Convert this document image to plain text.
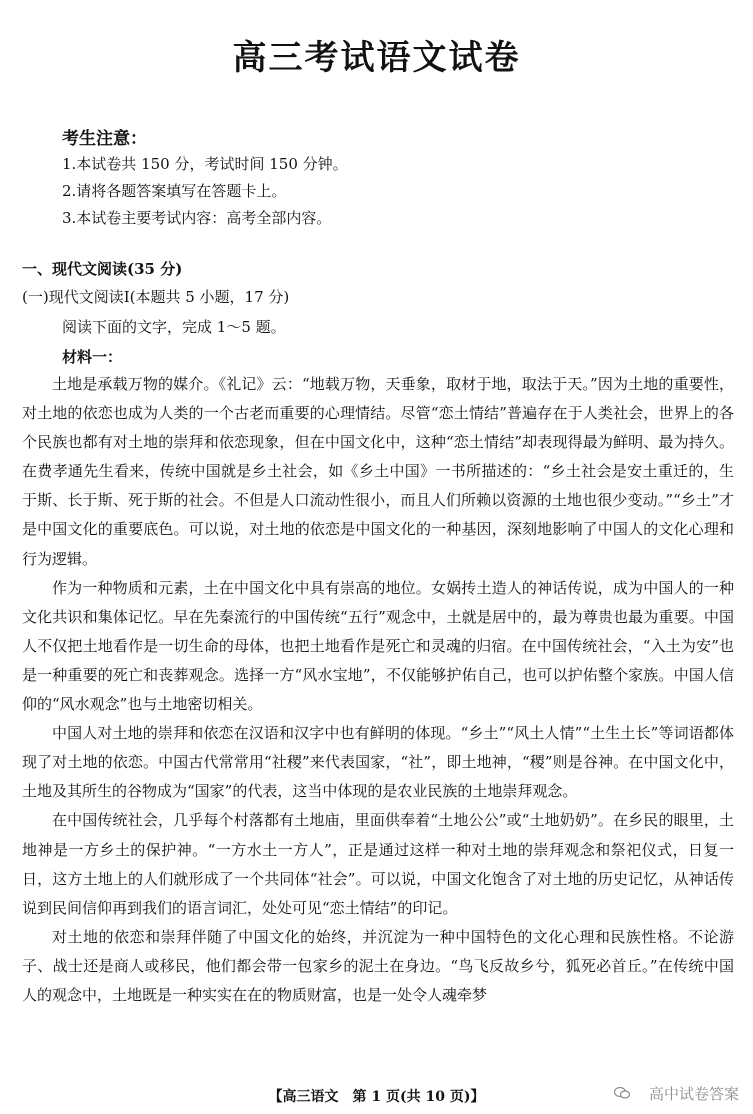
高三考试语文试卷
考生注意：
1.本试卷共 150 分，考试时间 150 分钟。
2.请将各题答案填写在答题卡上。
3.本试卷主要考试内容：高考全部内容。
一、现代文阅读(35 分)
(一)现代文阅读Ⅰ(本题共 5 小题，17 分)
阅读下面的文字，完成 1～5 题。
材料一：

土地是承载万物的媒介。《礼记》云：“地载万物，天垂象，取材于地，取法于天。”因为土地的重要性，对土地的依恋也成为人类的一个古老而重要的心理情结。尽管“恋土情结”普遍存在于人类社会，世界上的各个民族也都有对土地的崇拜和依恋现象，但在中国文化中，这种“恋土情结”却表现得最为鲜明、最为持久。在费孝通先生看来，传统中国就是乡土社会，如《乡土中国》一书所描述的：“乡土社会是安土重迁的，生于斯、长于斯、死于斯的社会。不但是人口流动性很小，而且人们所赖以资源的土地也很少变动。”“乡土”才是中国文化的重要底色。可以说，对土地的依恋是中国文化的一种基因，深刻地影响了中国人的文化心理和行为逻辑。

作为一种物质和元素，土在中国文化中具有崇高的地位。女娲抟土造人的神话传说，成为中国人的一种文化共识和集体记忆。早在先秦流行的中国传统“五行”观念中，土就是居中的，最为尊贵也最为重要。中国人不仅把土地看作是一切生命的母体，也把土地看作是死亡和灵魂的归宿。在中国传统社会，“入土为安”也是一种重要的死亡和丧葬观念。选择一方“风水宝地”，不仅能够护佑自己，也可以护佑整个家族。中国人信仰的“风水观念”也与土地密切相关。

中国人对土地的崇拜和依恋在汉语和汉字中也有鲜明的体现。“乡土”“风土人情”“土生土长”等词语都体现了对土地的依恋。中国古代常常用“社稷”来代表国家，“社”，即土地神，“稷”则是谷神。在中国文化中，土地及其所生的谷物成为“国家”的代表，这当中体现的是农业民族的土地崇拜观念。

在中国传统社会，几乎每个村落都有土地庙，里面供奉着“土地公公”或“土地奶奶”。在乡民的眼里，土地神是一方乡土的保护神。“一方水土一方人”，正是通过这样一种对土地的崇拜观念和祭祀仪式，日复一日，这方土地上的人们就形成了一个共同体“社会”。可以说，中国文化饱含了对土地的历史记忆，从神话传说到民间信仰再到我们的语言词汇，处处可见“恋土情结”的印记。

对土地的依恋和崇拜伴随了中国文化的始终，并沉淀为一种中国特色的文化心理和民族性格。不论游子、战士还是商人或移民，他们都会带一包家乡的泥土在身边。“鸟飞反故乡兮，狐死必首丘。”在传统中国人的观念中，土地既是一种实实在在的物质财富，也是一处令人魂牵梦

【高三语文　第 1 页(共 10 页)】	高中试卷答案
